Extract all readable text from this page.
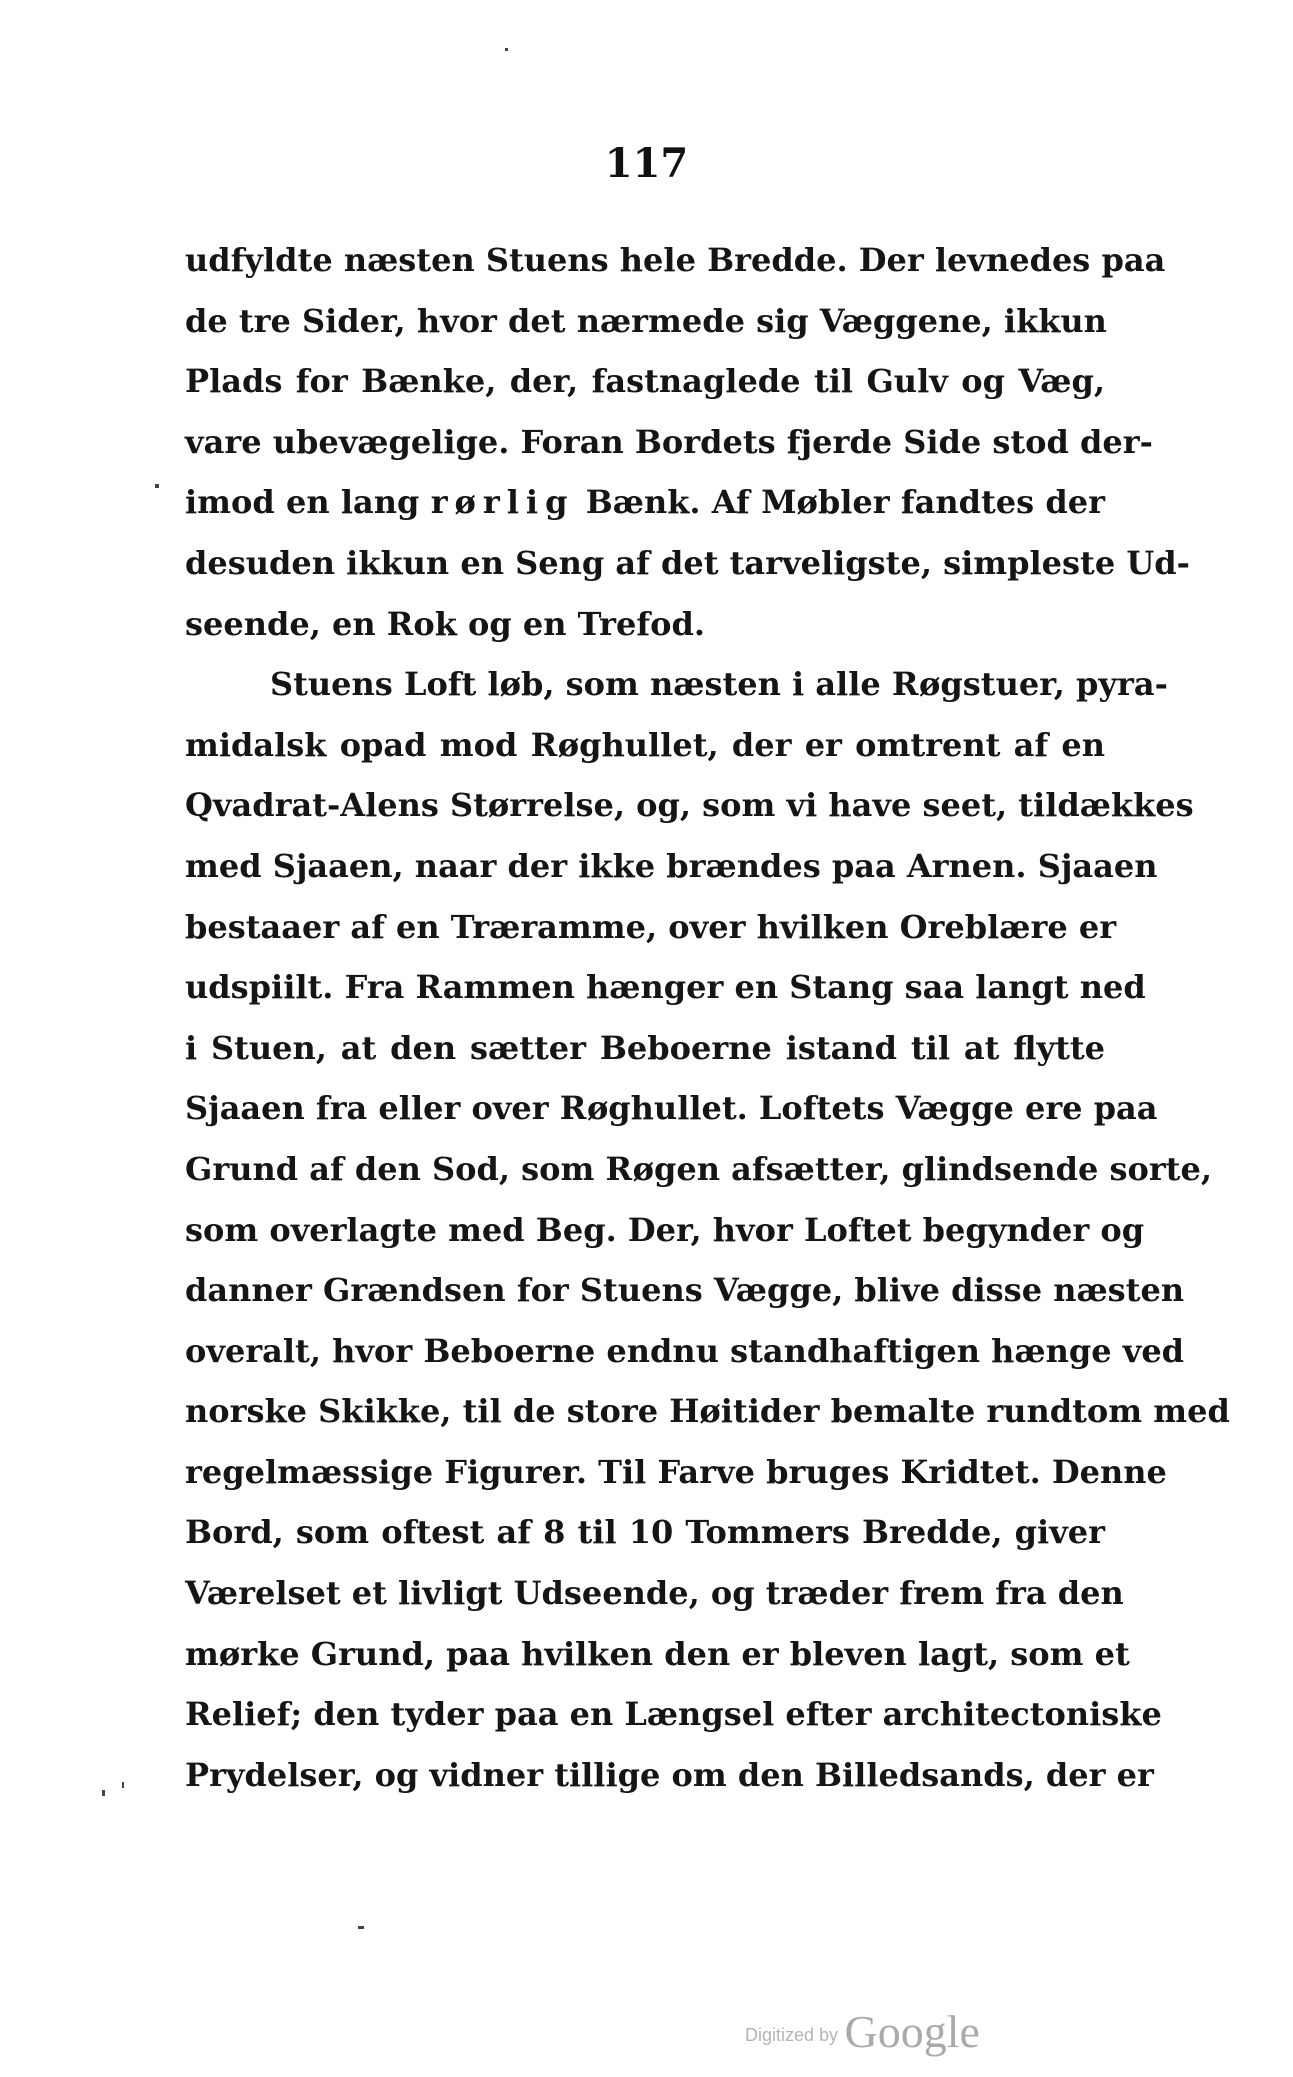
117
udfyldte næsten Stuens hele Bredde. Der levnedes paa
de tre Sider, hvor det nærmede sig Væggene, ikkun
Plads for Bænke, der, fastnaglede til Gulv og Væg,
vare ubevægelige. Foran Bordets fjerde Side stod der-
imod en lang rørlig Bænk. Af Møbler fandtes der
desuden ikkun en Seng af det tarveligste, simpleste Ud-
seende, en Rok og en Trefod.
Stuens Loft løb, som næsten i alle Røgstuer, pyra-
midalsk opad mod Røghullet, der er omtrent af en
Qvadrat-Alens Størrelse, og, som vi have seet, tildækkes
med Sjaaen, naar der ikke brændes paa Arnen. Sjaaen
bestaaer af en Træramme, over hvilken Oreblære er
udspiilt. Fra Rammen hænger en Stang saa langt ned
i Stuen, at den sætter Beboerne istand til at flytte
Sjaaen fra eller over Røghullet. Loftets Vægge ere paa
Grund af den Sod, som Røgen afsætter, glindsende sorte,
som overlagte med Beg. Der, hvor Loftet begynder og
danner Grændsen for Stuens Vægge, blive disse næsten
overalt, hvor Beboerne endnu standhaftigen hænge ved
norske Skikke, til de store Høitider bemalte rundtom med
regelmæssige Figurer. Til Farve bruges Kridtet. Denne
Bord, som oftest af 8 til 10 Tommers Bredde, giver
Værelset et livligt Udseende, og træder frem fra den
mørke Grund, paa hvilken den er bleven lagt, som et
Relief; den tyder paa en Længsel efter architectoniske
Prydelser, og vidner tillige om den Billedsands, der er
Digitized by Google
